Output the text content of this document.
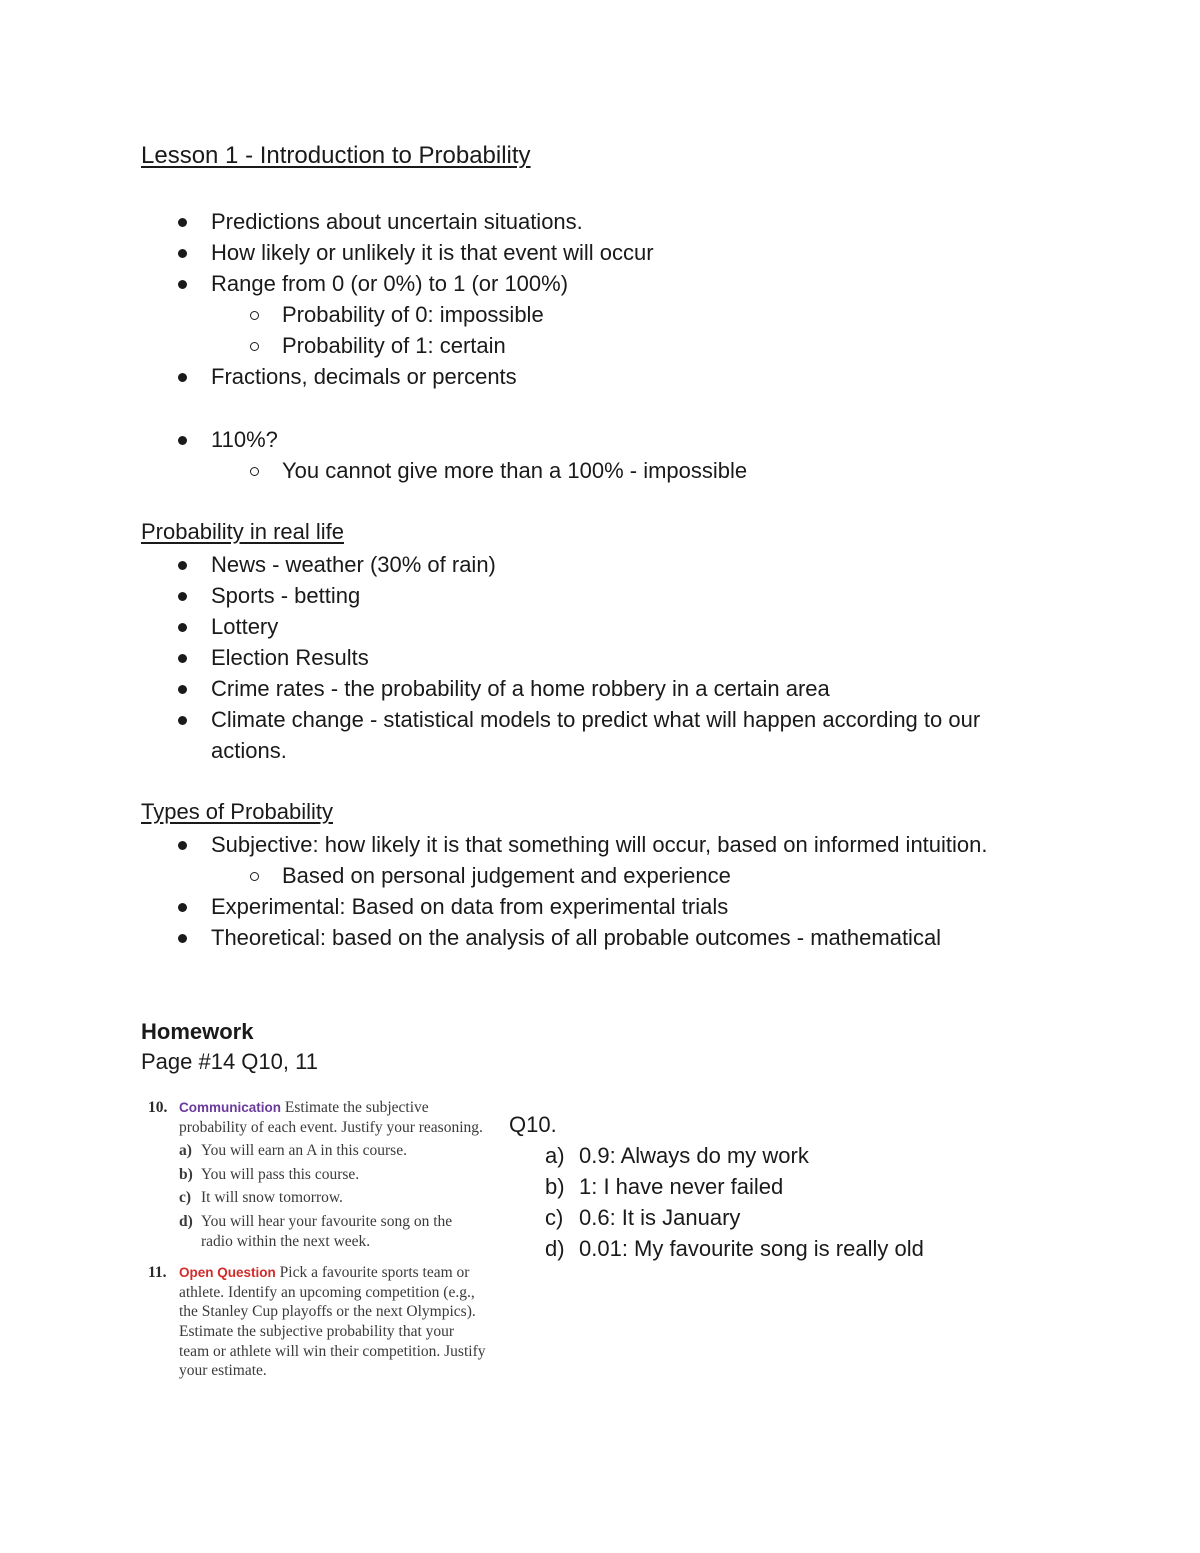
Lesson 1 - Introduction to Probability
Predictions about uncertain situations.
How likely or unlikely it is that event will occur
Range from 0 (or 0%) to 1 (or 100%)
Probability of 0: impossible
Probability of 1: certain
Fractions, decimals or percents
110%?
You cannot give more than a 100% - impossible
Probability in real life
News - weather (30% of rain)
Sports - betting
Lottery
Election Results
Crime rates - the probability of a home robbery in a certain area
Climate change - statistical models to predict what will happen according to our actions.
Types of Probability
Subjective: how likely it is that something will occur, based on informed intuition.
Based on personal judgement and experience
Experimental: Based on data from experimental trials
Theoretical: based on the analysis of all probable outcomes - mathematical
Homework
Page #14 Q10, 11
10. Communication Estimate the subjective probability of each event. Justify your reasoning.
a) You will earn an A in this course.
b) You will pass this course.
c) It will snow tomorrow.
d) You will hear your favourite song on the radio within the next week.
11. Open Question Pick a favourite sports team or athlete. Identify an upcoming competition (e.g., the Stanley Cup playoffs or the next Olympics). Estimate the subjective probability that your team or athlete will win their competition. Justify your estimate.
Q10.
a) 0.9: Always do my work
b) 1: I have never failed
c) 0.6: It is January
d) 0.01: My favourite song is really old
